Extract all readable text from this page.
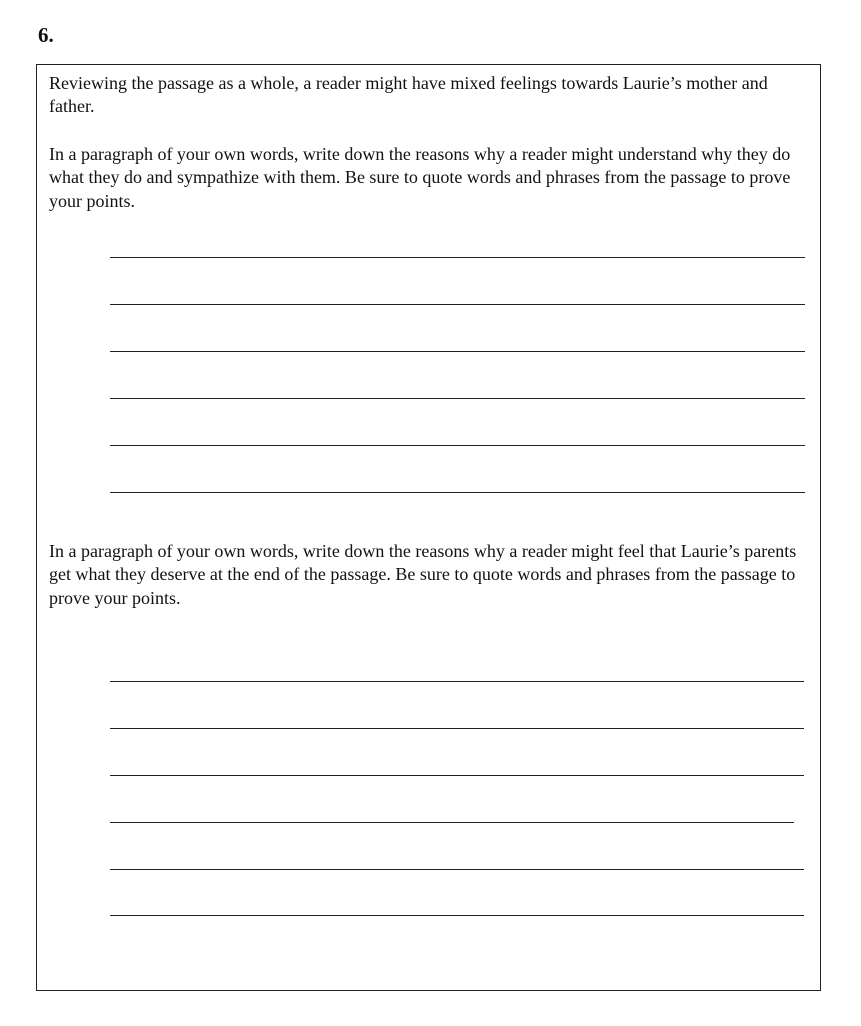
6.

Reviewing the passage as a whole, a reader might have mixed feelings towards Laurie’s mother and father.

In a paragraph of your own words, write down the reasons why a reader might understand why they do what they do and sympathize with them. Be sure to quote words and phrases from the passage to prove your points.

In a paragraph of your own words, write down the reasons why a reader might feel that Laurie’s parents get what they deserve at the end of the passage. Be sure to quote words and phrases from the passage to prove your points.
